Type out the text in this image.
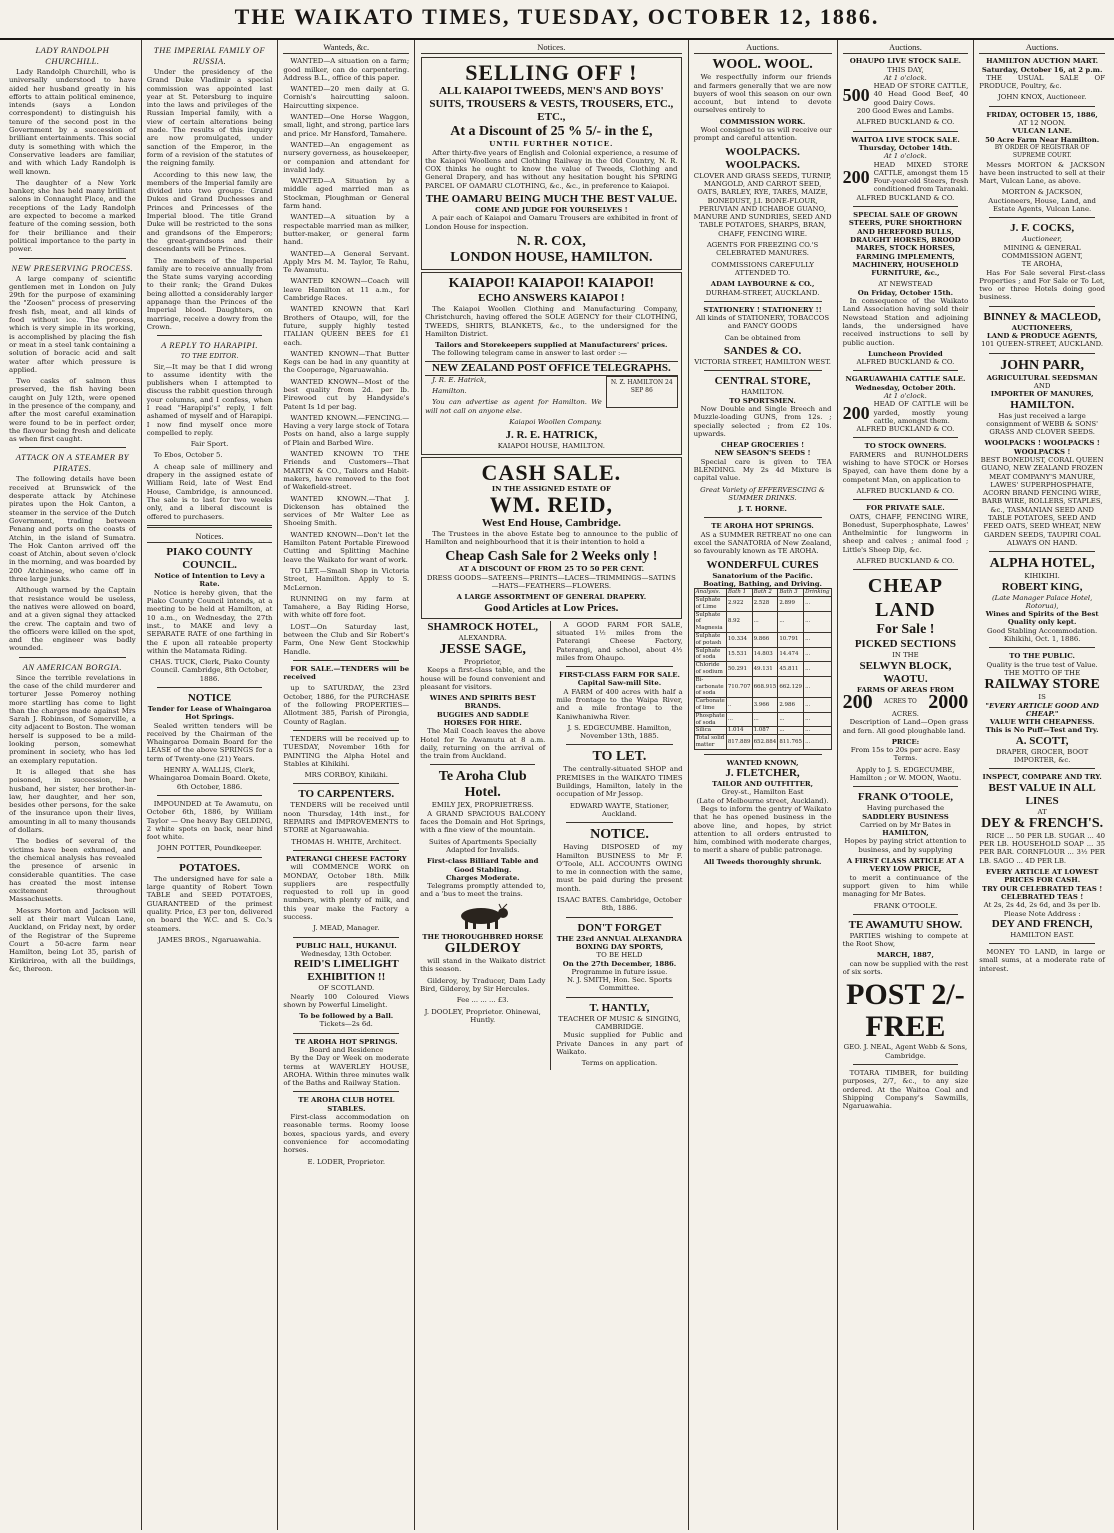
THE WAIKATO TIMES, TUESDAY, OCTOBER 12, 1886.
LADY RANDOLPH CHURCHILL.

Lady Randolph Churchill, who is universally understood to have aided her husband greatly in his efforts to attain political eminence, intends (says a London correspondent) to distinguish his tenure of the second post in the Government by a succession of brilliant entertainments. This social duty is something with which the Conservative leaders are familiar, and with which Lady Randolph is well known.

The daughter of a New York banker, she has held many brilliant salons in Connaught Place, and the receptions of the Lady Randolph are expected to become a marked feature of the coming session, both for their brilliance and their political importance to the party in power.

NEW PRESERVING PROCESS.

A large company of scientific gentlemen met in London on July 29th for the purpose of examining the "Zoosen" process of preserving fresh fish, meat, and all kinds of food without ice. The process, which is very simple in its working, is accomplished by placing the fish or meat in a steel tank containing a solution of boracic acid and salt water after which pressure is applied.

Two casks of salmon thus preserved, the fish having been caught on July 12th, were opened in the presence of the company, and after the most careful examination were found to be in perfect order, the flavour being fresh and delicate as when first caught.

ATTACK ON A STEAMER BY PIRATES.

The following details have been received at Brunswick of the desperate attack by Atchinese pirates upon the Hok Canton, a steamer in the service of the Dutch Government, trading between Penang and ports on the coasts of Atchin, in the island of Sumatra. The Hok Canton arrived off the coast of Atchin, about seven o'clock in the morning, and was boarded by 200 Atchinese, who came off in three large junks.

Although warned by the Captain that resistance would be useless, the natives were allowed on board, and at a given signal they attacked the crew. The captain and two of the officers were killed on the spot, and the engineer was badly wounded.

AN AMERICAN BORGIA.

Since the terrible revelations in the case of the child murderer and torturer Jesse Pomeroy nothing more startling has come to light than the charges made against Mrs Sarah J. Robinson, of Somerville, a city adjacent to Boston. The woman herself is supposed to be a mild-looking person, somewhat prominent in society, who has led an exemplary reputation.

It is alleged that she has poisoned, in succession, her husband, her sister, her brother-in-law, her daughter, and her son, besides other persons, for the sake of the insurance upon their lives, amounting in all to many thousands of dollars.

The bodies of several of the victims have been exhumed, and the chemical analysis has revealed the presence of arsenic in considerable quantities. The case has created the most intense excitement throughout Massachusetts.

Messrs Morton and Jackson will sell at their mart Vulcan Lane, Auckland, on Friday next, by order of the Registrar of the Supreme Court a 50-acre farm near Hamilton, being Lot 35, parish of Kirikiriroa, with all the buildings, &c, thereon.

THE IMPERIAL FAMILY OF RUSSIA.

Under the presidency of the Grand Duke Vladimir a special commission was appointed last year at St. Petersburg to inquire into the laws and privileges of the Russian Imperial family, with a view of certain alterations being made. The results of this inquiry are now promulgated, under sanction of the Emperor, in the form of a revision of the statutes of the reigning family.

According to this new law, the members of the Imperial family are divided into two groups: Grand Dukes and Grand Duchesses and Princes and Princesses of the Imperial blood. The title Grand Duke will be restricted to the sons and grandsons of the Emperors; the great-grandsons and their descendants will be Princes.

The members of the Imperial family are to receive annually from the State sums varying according to their rank; the Grand Dukes being allotted a considerably larger appanage than the Princes of the Imperial blood. Daughters, on marriage, receive a dowry from the Crown.

A REPLY TO HARAPIPI.
TO THE EDITOR.

Sir,—It may be that I did wrong to assume identity with the publishers when I attempted to discuss the rabbit question through your columns, and I confess, when I read "Harapipi's" reply, I felt ashamed of myself and of Harapipi. I now find myself once more compelled to reply.

Fair Sport.

To Ebos, October 5.

A cheap sale of millinery and drapery in the assigned estate of William Reid, late of West End House, Cambridge, is announced. The sale is to last for two weeks only, and a liberal discount is offered to purchasers.

Notices.
PIAKO COUNTY COUNCIL.
Notice of Intention to Levy a Rate.

Notice is hereby given, that the Piako County Council intends, at a meeting to be held at Hamilton, at 10 a.m., on Wednesday, the 27th inst., to MAKE and levy a SEPARATE RATE of one farthing in the £ upon all rateable property within the Matamata Riding.

CHAS. TUCK, Clerk, Piako County Council. Cambridge, 8th October, 1886.

NOTICE
Tender for Lease of Whaingaroa Hot Springs.

Sealed written tenders will be received by the Chairman of the Whaingaroa Domain Board for the LEASE of the above SPRINGS for a term of Twenty-one (21) Years.

HENRY A. WALLIS, Clerk, Whaingaroa Domain Board. Okete, 6th October, 1886.

IMPOUNDED at Te Awamutu, on October 6th, 1886, by William Taylor — One heavy Bay GELDING, 2 white spots on back, near hind foot white.

JOHN POTTER, Poundkeeper.

POTATOES.

The undersigned have for sale a large quantity of Robert Town TABLE and SEED POTATOES, GUARANTEED of the primest quality. Price, £3 per ton, delivered on board the W.C. and S. Co.'s steamers.

JAMES BROS., Ngaruawahia.

Wanteds, &c.

WANTED—A situation on a farm; good milker, can do carpentering. Address B.L., office of this paper.

WANTED—20 men daily at G. Cornish's haircutting saloon. Haircutting sixpence.

WANTED—One Horse Waggon, small, light, and strong, partice lars and price. Mr Hansford, Tamahere.

WANTED—An engagement as nursery governess, as housekeeper, or companion and attendant for invalid lady.

WANTED—A Situation by a middle aged married man as Stockman, Ploughman or General farm hand.

WANTED—A situation by a respectable married man as milker, butter-maker, or general farm hand.

WANTED—A General Servant. Apply Mrs M. M. Taylor, Te Rahu, Te Awamutu.

WANTED KNOWN—Coach will leave Hamilton at 11 a.m., for Cambridge Races.

WANTED KNOWN that Karl Brothers of Otaupo, will, for the future, supply highly tested ITALIAN QUEEN BEES for £1 each.

WANTED KNOWN—That Butter Kegs can be had in any quantity at the Cooperage, Ngaruawahia.

WANTED KNOWN—Most of the best quality from 2d. per lb. Firewood cut by Handyside's Patent Is 1d per bag.

WANTED KNOWN.—FENCING.—Having a very large stock of Totara Posts on hand, also a large supply of Plain and Barbed Wire.

WANTED KNOWN TO THE Friends and Customers—That MARTIN & CO., Tailors and Habit-makers, have removed to the foot of Wakefield-street.

WANTED KNOWN.—That J. Dickenson has obtained the services of Mr Walter Lee as Shoeing Smith.

WANTED KNOWN—Don't let the Hamilton Patent Portable Firewood Cutting and Splitting Machine leave the Waikato for want of work.

TO LET.—Small Shop in Victoria Street, Hamilton. Apply to S. McLernon.

RUNNING on my farm at Tamahere, a Bay Riding Horse, with white off fore foot.

LOST—On Saturday last, between the Club and Sir Robert's Farm, One New Gent Stockwhip Handle.

FOR SALE.—TENDERS will be received

up to SATURDAY, the 23rd October, 1886, for the PURCHASE of the following PROPERTIES—Allotment 385, Parish of Pirongia, County of Raglan.

TENDERS will be received up to TUESDAY, November 16th for PAINTING the Alpha Hotel and Stables at Kihikihi.

MRS CORBOY, Kihikihi.

TO CARPENTERS.

TENDERS will be received until noon Thursday, 14th inst., for REPAIRS and IMPROVEMENTS to STORE at Ngaruawahia.

THOMAS H. WHITE, Architect.

PATERANGI CHEESE FACTORY

will COMMENCE WORK on MONDAY, October 18th. Milk suppliers are respectfully requested to roll up in good numbers, with plenty of milk, and this year make the Factory a success.

J. MEAD, Manager.

PUBLIC HALL, HUKANUI.
Wednesday, 13th October.
REID'S LIMELIGHT EXHIBITION !!
OF SCOTLAND.

Nearly 100 Coloured Views shown by Powerful Limelight.

To be followed by a Ball.
Tickets—2s 6d.
TE AROHA HOT SPRINGS.
Board and Residence

By the Day or Week on moderate terms at WAVERLEY HOUSE, AROHA. Within three minutes walk of the Baths and Railway Station.

TE AROHA CLUB HOTEL STABLES.

First-class accommodation on reasonable terms. Roomy loose boxes, spacious yards, and every convenience for accomodating horses.

E. LODER, Proprietor.

Notices.
SELLING OFF !
ALL KAIAPOI TWEEDS, MEN'S AND BOYS' SUITS, TROUSERS & VESTS, TROUSERS, ETC., ETC.,
At a Discount of 25 % 5/- in the £,
UNTIL FURTHER NOTICE.

After thirty-five years of English and Colonial experience, a resume of the Kaiapoi Woollens and Clothing Railway in the Old Country, N. R. COX thinks he ought to know the value of Tweeds, Clothing and General Drapery, and has without any hesitation bought his SPRING PARCEL OF OAMARU CLOTHING, &c., &c., in preference to Kaiapoi.

THE OAMARU BEING MUCH THE BEST VALUE.
COME AND JUDGE FOR YOURSELVES !

A pair each of Kaiapoi and Oamaru Trousers are exhibited in front of London House for inspection.

N. R. COX,
LONDON HOUSE, HAMILTON.
KAIAPOI! KAIAPOI! KAIAPOI!
ECHO ANSWERS KAIAPOI !

The Kaiapoi Woollen Clothing and Manufacturing Company, Christchurch, having offered the SOLE AGENCY for their CLOTHING, TWEEDS, SHIRTS, BLANKETS, &c., to the undersigned for the Hamilton District.

Tailors and Storekeepers supplied at Manufacturers' prices.

The following telegram came in answer to last order :—

NEW ZEALAND POST OFFICE TELEGRAPHS.

J. R. E. Hatrick,

Hamilton.

You can advertise as agent for Hamilton. We will not call on anyone else.

Kaiapoi Woollen Company.

N. Z. HAMILTON 24 SEP 86
J. R. E. HATRICK,
KAIAPOI HOUSE, HAMILTON.
CASH SALE.
IN THE ASSIGNED ESTATE OF
WM. REID,
West End House, Cambridge.

The Trustees in the above Estate beg to announce to the public of Hamilton and neighbourhood that it is their intention to hold a

Cheap Cash Sale for 2 Weeks only !
AT A DISCOUNT OF FROM 25 TO 50 PER CENT.

DRESS GOODS—SATEENS—PRINTS—LACES—TRIMMINGS—SATINS—HATS—FEATHERS—FLOWERS.

A LARGE ASSORTMENT OF GENERAL DRAPERY.
Good Articles at Low Prices.
SHAMROCK HOTEL,
ALEXANDRA.
JESSE SAGE,
Proprietor,

Keeps a first-class table, and the house will be found convenient and pleasant for visitors.

WINES AND SPIRITS BEST BRANDS.
BUGGIES AND SADDLE HORSES FOR HIRE.

The Mail Coach leaves the above Hotel for Te Awamutu at 8 a.m. daily, returning on the arrival of the train from Auckland.

Te Aroha Club Hotel.
EMILY JEX, PROPRIETRESS.

A GRAND SPACIOUS BALCONY faces the Domain and Hot Springs, with a fine view of the mountain.

Suites of Apartments Specially Adapted for Invalids.

First-class Billiard Table and Good Stabling.
Charges Moderate.

Telegrams promptly attended to, and a 'bus to meet the trains.

THE THOROUGHBRED HORSE
GILDEROY

will stand in the Waikato district this season.

Gilderoy, by Traducer, Dam Lady Bird, Gilderoy, by Sir Hercules.

Fee ... ... ... £3.

J. DOOLEY, Proprietor. Ohinewai, Huntly.

A GOOD FARM FOR SALE, situated 1½ miles from the Paterangi Cheese Factory, Paterangi, and school, about 4½ miles from Ohaupo.

FIRST-CLASS FARM FOR SALE.
Capital Saw-mill Site.

A FARM of 400 acres with half a mile frontage to the Waipa River, and a mile frontage to the Kaniwhaniwha River.

J. S. EDGECUMBE. Hamilton, November 13th, 1885.

TO LET.

The centrally-situated SHOP and PREMISES in the WAIKATO TIMES Buildings, Hamilton, lately in the occupation of Mr Jessop.

EDWARD WAYTE, Stationer, Auckland.

NOTICE.

Having DISPOSED of my Hamilton BUSINESS to Mr F. O'Toole, ALL ACCOUNTS OWING to me in connection with the same, must be paid during the present month.

ISAAC BATES. Cambridge, October 8th, 1886.

DON'T FORGET
THE 23rd ANNUAL ALEXANDRA BOXING DAY SPORTS,
TO BE HELD
On the 27th December, 1886.
Programme in future issue.
N. J. SMITH, Hon. Sec. Sports Committee.
T. HANTLY,
TEACHER OF MUSIC & SINGING, CAMBRIDGE.

Music supplied for Public and Private Dances in any part of Waikato.

Terms on application.

Auctions.
WOOL. WOOL.

We respectfully inform our friends and farmers generally that we are now buyers of wool this season on our own account, but intend to devote ourselves entirely to

COMMISSION WORK.

Wool consigned to us will receive our prompt and careful attention.

WOOLPACKS.
WOOLPACKS.

CLOVER AND GRASS SEEDS, TURNIP, MANGOLD, AND CARROT SEED, OATS, BARLEY, RYE, TARES, MAIZE, BONEDUST, J.I. BONE-FLOUR, PERUVIAN AND ICHABOE GUANO, MANURE AND SUNDRIES, SEED AND TABLE POTATOES, SHARPS, BRAN, CHAFF, FENCING WIRE.

AGENTS FOR FREEZING CO.'S CELEBRATED MANURES.

COMMISSIONS CAREFULLY ATTENDED TO.

ADAM LAYBOURNE & CO.,
DURHAM-STREET, AUCKLAND.
STATIONERY ! STATIONERY !!

All kinds of STATIONERY, TOBACCOS and FANCY GOODS

Can be obtained from

SANDES & CO.
VICTORIA STREET, HAMILTON WEST.
CENTRAL STORE,
HAMILTON.
TO SPORTSMEN.

Now Double and Single Breech and Muzzle-loading GUNS, from 12s. ; specially selected ; from £2 10s. upwards.

CHEAP GROCERIES !
NEW SEASON'S SEEDS !

Special care is given to TEA BLENDING. My 2s 4d Mixture is capital value.

Great Variety of EFFERVESCING & SUMMER DRINKS.

J. T. HORNE.
TE AROHA HOT SPRINGS.

AS a SUMMER RETREAT no one can excel the SANATORIA of New Zealand, so favourably known as TE AROHA.

WONDERFUL CURES
Sanatorium of the Pacific.
Boating, Bathing, and Driving.
Analysis.	Bath 1	Bath 2	Bath 3	Drinking
Sulphate of Lime	2.922	2.528	2.899	...
Sulphate of Magnesia	8.92	...	...	...
Sulphate of potash	10.334	9.866	10.791	...
Sulphate of soda	15.531	14.803	14.474	...
Chloride of sodium	50.291	49.131	45.811	...
Bi-carbonate of soda	710.707	668.915	662.129	...
Carbonate of lime	..	3.966	2.986	...
Phosphate of soda	...	...	...	...
Silica	1.014	1.087	...	...
Total solid matter	817.889	652.884	811.765	...
WANTED KNOWN,
J. FLETCHER,
TAILOR AND OUTFITTER,
Grey-st., Hamilton East
(Late of Melbourne street, Auckland).

Begs to inform the gentry of Waikato that he has opened business in the above line, and hopes, by strict attention to all orders entrusted to him, combined with moderate charges, to merit a share of public patronage.

All Tweeds thoroughly shrunk.
Auctions.
OHAUPO LIVE STOCK SALE.
THIS DAY,
At 1 o'clock.
500 HEAD OF STORE CATTLE, 40 Head Good Beef, 40 good Dairy Cows.

200 Good Ewes and Lambs.

ALFRED BUCKLAND & CO.
WAITOA LIVE STOCK SALE.
Thursday, October 14th.
At 1 o'clock.
200
HEAD MIXED STORE CATTLE, amongst them 15 Four-year-old Steers, fresh conditioned from Taranaki.
ALFRED BUCKLAND & CO.

SPECIAL SALE OF GROWN STEERS, PURE SHORTHORN AND HEREFORD BULLS, DRAUGHT HORSES, BROOD MARES, STOCK HORSES, FARMING IMPLEMENTS, MACHINERY, HOUSEHOLD FURNITURE, &c.,

AT NEWSTEAD
On Friday, October 15th.

In consequence of the Waikato Land Association having sold their Newstead Station and adjoining lands, the undersigned have received instructions to sell by public auction.

Luncheon Provided
ALFRED BUCKLAND & CO.
NGARUAWAHIA CATTLE SALE.
Wednesday, October 20th.
At 1 o'clock.
200 HEAD OF CATTLE will be yarded, mostly young cattle, amongst them.
ALFRED BUCKLAND & CO.
TO STOCK OWNERS.

FARMERS and RUNHOLDERS wishing to have STOCK or Horses Spayed, can have them done by a competent Man, on application to

ALFRED BUCKLAND & CO.
FOR PRIVATE SALE.

OATS, CHAFF, FENCING WIRE, Bonedust, Superphosphate, Lawes' Anthelmintic for lungworm in sheep and calves ; animal food ; Little's Sheep Dip, &c.

ALFRED BUCKLAND & CO.
CHEAP LAND
For Sale !
PICKED SECTIONS
IN THE
SELWYN BLOCK, WAOTU.
FARMS OF AREAS FROM
200 ACRES TO 2000
ACRES.

Description of Land—Open grass and fern. All good ploughable land.

PRICE:

From 15s to 20s per acre. Easy Terms.

Apply to J. S. EDGECUMBE, Hamilton ; or W. MOON, Waotu.

FRANK O'TOOLE,
Having purchased the
SADDLERY BUSINESS
Carried on by Mr Bates in
HAMILTON,

Hopes by paying strict attention to business, and by supplying

A FIRST CLASS ARTICLE AT A VERY LOW PRICE,

to merit a continuance of the support given to him while managing for Mr Bates.

FRANK O'TOOLE.
TE AWAMUTU SHOW.

PARTIES wishing to compete at the Root Show,

MARCH, 1887,

can now be supplied with the rest of six sorts.

POST 2/- FREE
GEO. J. NEAL, Agent Webb & Sons, Cambridge.

TOTARA TIMBER, for building purposes, 2/7, &c., to any size ordered. At the Waitoa Coal and Shipping Company's Sawmills, Ngaruawahia.

Auctions.
HAMILTON AUCTION MART.
Saturday, October 16, at 2 p.m.

THE USUAL SALE OF PRODUCE, Poultry, &c.

JOHN KNOX, Auctioneer.
FRIDAY, OCTOBER 15, 1886,
AT 12 NOON.
VULCAN LANE.
50 Acre Farm Near Hamilton.
BY ORDER OF REGISTRAR OF SUPREME COURT.

Messrs MORTON & JACKSON have been instructed to sell at their Mart, Vulcan Lane, as above.

MORTON & JACKSON, Auctioneers, House, Land, and Estate Agents, Vulcan Lane.

J. F. COCKS,
Auctioneer,
MINING & GENERAL COMMISSION AGENT,
TE AROHA,

Has For Sale several First-class Properties ; and For Sale or To Let, two or three Hotels doing good business.

BINNEY & MACLEOD,
AUCTIONEERS,
LAND & PRODUCE AGENTS,
101 QUEEN-STREET, AUCKLAND.
JOHN PARR,
AGRICULTURAL SEEDSMAN
AND
IMPORTER OF MANURES,
HAMILTON.

Has just received a large consignment of WEBB & SONS' GRASS AND CLOVER SEEDS.

WOOLPACKS ! WOOLPACKS ! WOOLPACKS !

BEST BONEDUST, CORAL QUEEN GUANO, NEW ZEALAND FROZEN MEAT COMPANY'S MANURE, LAWES' SUPERPHOSPHATE, ACORN BRAND FENCING WIRE, BARB WIRE, ROLLERS, STAPLES, &c., TASMANIAN SEED AND TABLE POTATOES, SEED AND FEED OATS, SEED WHEAT, NEW GARDEN SEEDS, TAUPIRI COAL ALWAYS ON HAND.

ALPHA HOTEL,
KIHIKIHI.
ROBERT KING,
(Late Manager Palace Hotel, Rotorua),
Wines and Spirits of the Best Quality only kept.

Good Stabling Accommodation. Kihikihi, Oct. 1, 1886.

TO THE PUBLIC.
Quality is the true test of Value.
THE MOTTO OF THE
RAILWAY STORE
IS
"EVERY ARTICLE GOOD AND CHEAP."
VALUE WITH CHEAPNESS.
This is No Puff—Test and Try.
A. SCOTT,
DRAPER, GROCER, BOOT IMPORTER, &c.
INSPECT, COMPARE AND TRY.
BEST VALUE IN ALL LINES
AT
DEY & FRENCH'S.

RICE ... 50 PER LB. SUGAR ... 40 PER LB. HOUSEHOLD SOAP ... 35 PER BAR. CORNFLOUR ... 3½ PER LB. SAGO ... 4D PER LB.

EVERY ARTICLE AT LOWEST PRICES FOR CASH.
TRY OUR CELEBRATED TEAS ! CELEBRATED TEAS !
At 2s, 2s 4d, 2s 6d, and 3s per lb.
Please Note Address :
DEY AND FRENCH,
HAMILTON EAST.

MONEY TO LAND, in large or small sums, at a moderate rate of interest.
